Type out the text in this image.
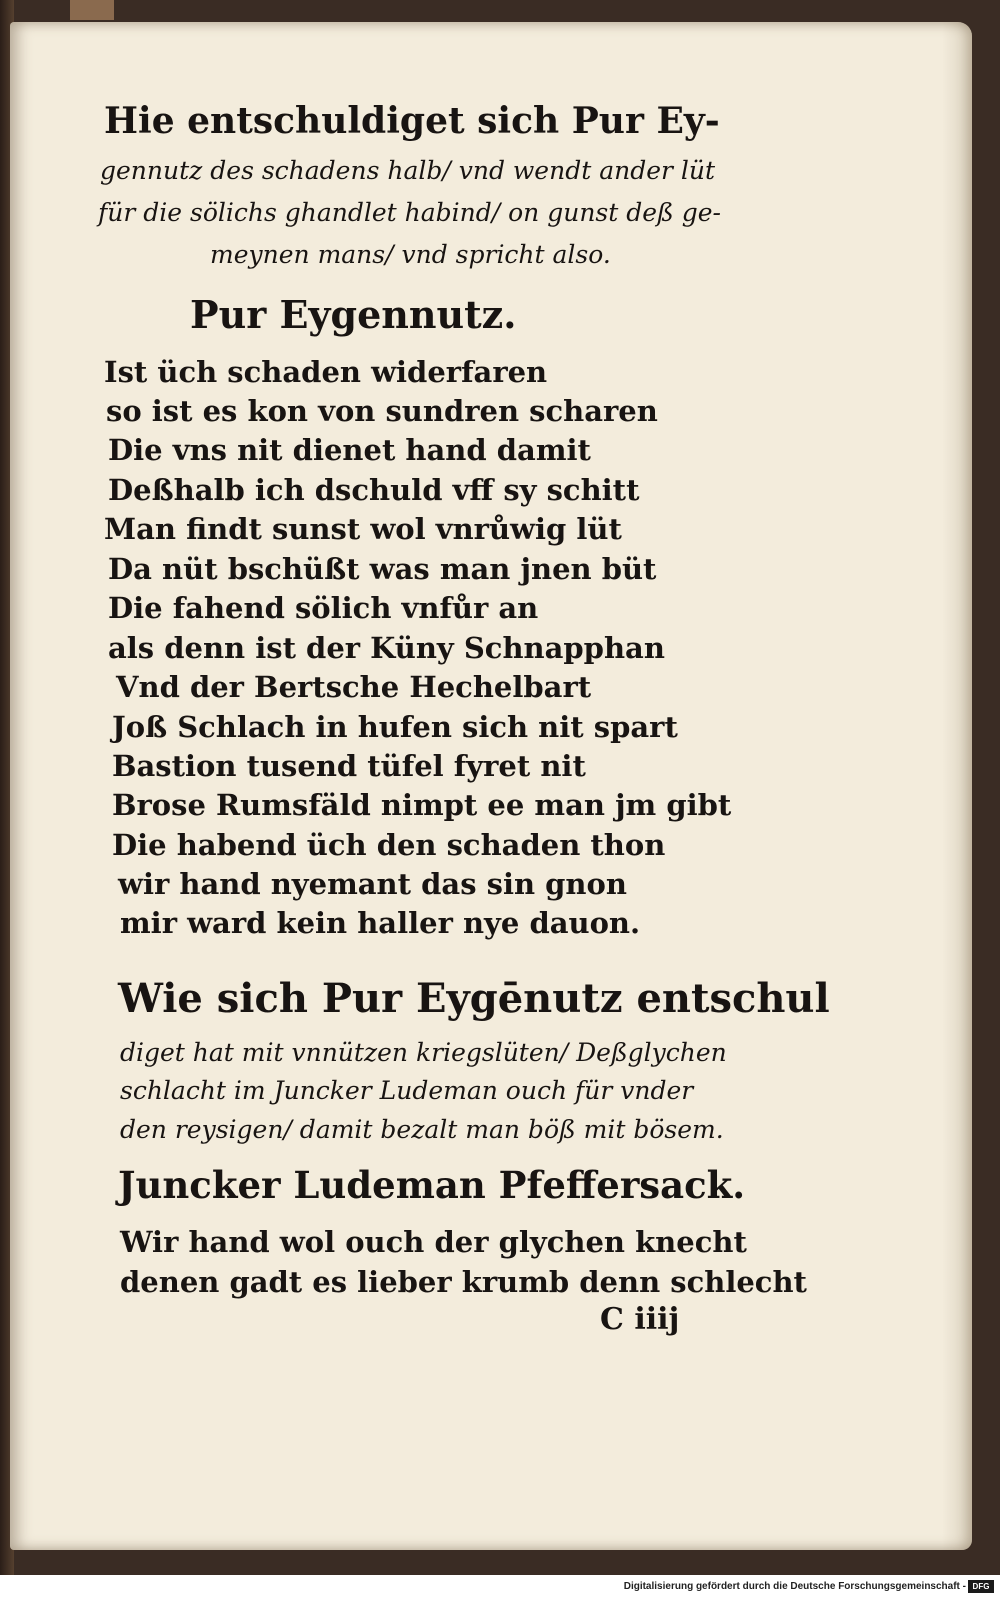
Hie entschuldiget sich Pur Ey-
gennutz des schadens halb/ vnd wendt ander lüt
für die sölichs ghandlet habind/ on gunst deß ge-
meynen mans/ vnd spricht also.
Pur Eygennutz.
Ist üch schaden widerfaren
so ist es kon von sundren scharen
Die vns nit dienet hand damit
Deßhalb ich dschuld vff sy schitt
Man findt sunst wol vnrůwig lüt
Da nüt bschüßt was man jnen büt
Die fahend sölich vnfůr an
als denn ist der Küny Schnapphan
Vnd der Bertsche Hechelbart
Joß Schlach in hufen sich nit spart
Bastion tusend tüfel fyret nit
Brose Rumsfäld nimpt ee man jm gibt
Die habend üch den schaden thon
wir hand nyemant das sin gnon
mir ward kein haller nye dauon.
Wie sich Pur Eygēnutz entschul
diget hat mit vnnützen kriegslüten/ Deßglychen
schlacht im Juncker Ludeman ouch für vnder
den reysigen/ damit bezalt man böß mit bösem.
Juncker Ludeman Pfeffersack.
Wir hand wol ouch der glychen knecht
denen gadt es lieber krumb denn schlecht
C iiij
Digitalisierung gefördert durch die Deutsche Forschungsgemeinschaft - DFG
